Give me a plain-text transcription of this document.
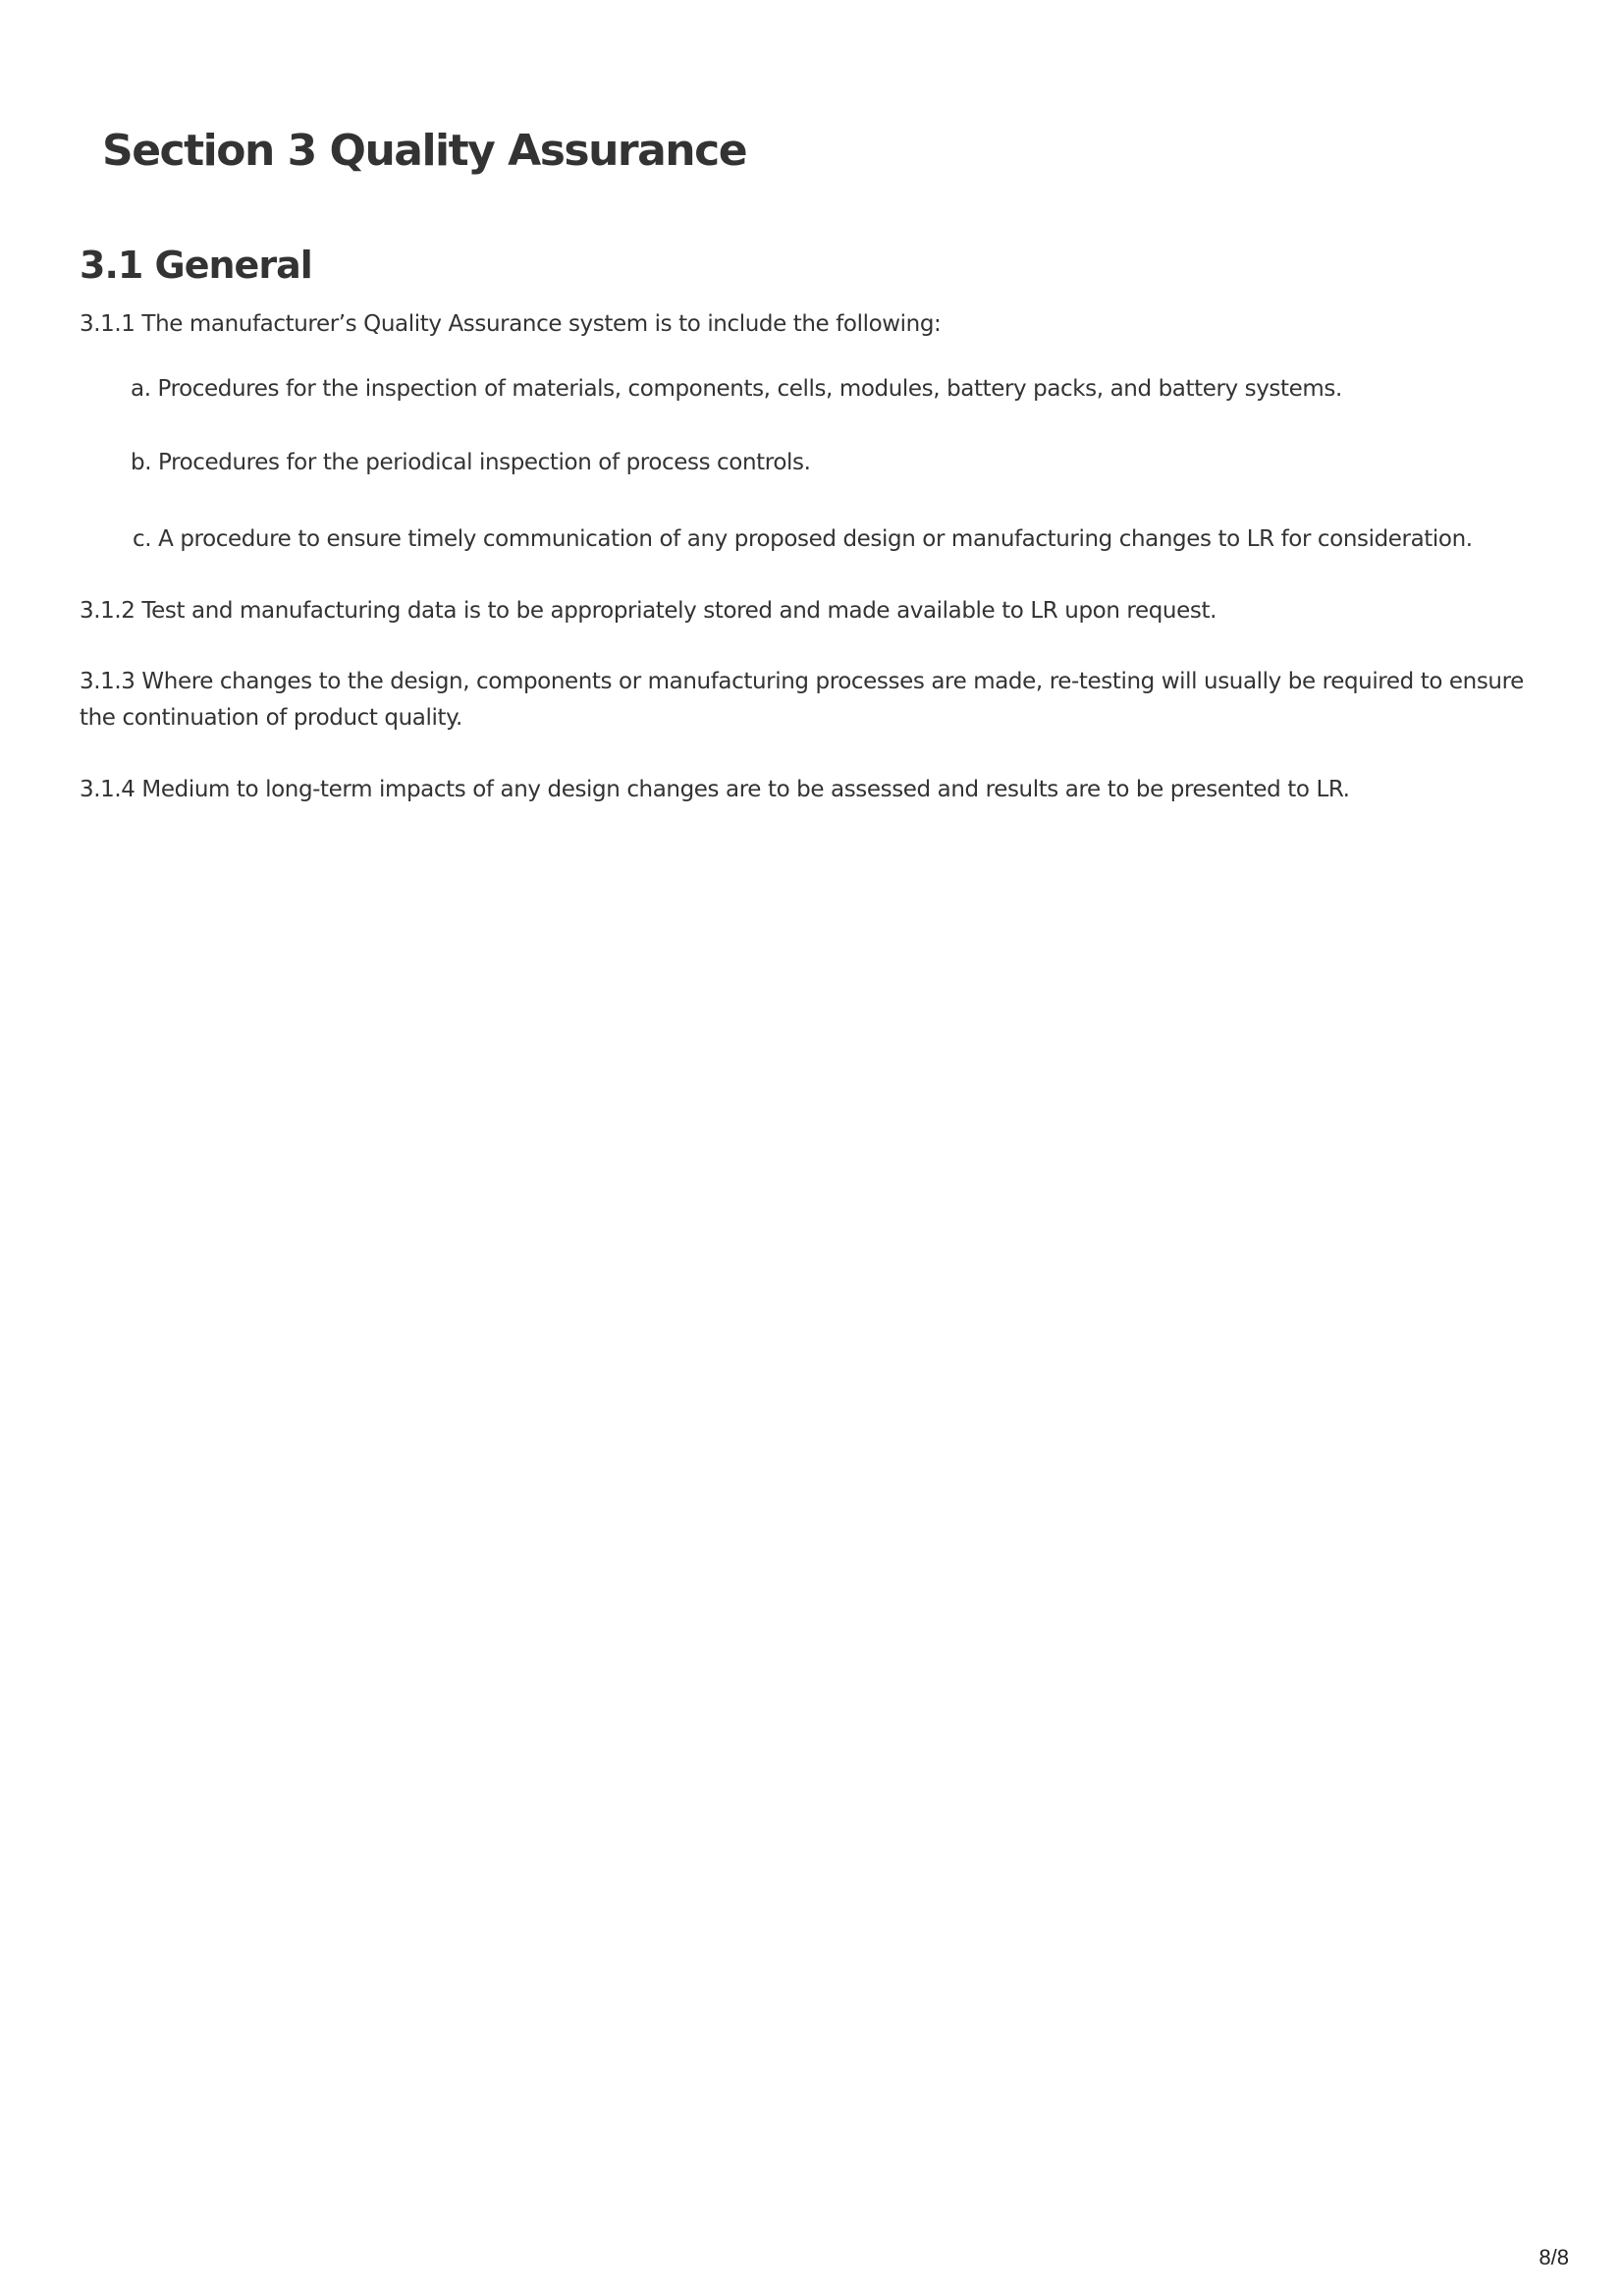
Section 3 Quality Assurance
3.1 General

3.1.1 The manufacturer’s Quality Assurance system is to include the following:

a. Procedures for the inspection of materials, components, cells, modules, battery packs, and battery systems.

b. Procedures for the periodical inspection of process controls.

c. A procedure to ensure timely communication of any proposed design or manufacturing changes to LR for consideration.

3.1.2 Test and manufacturing data is to be appropriately stored and made available to LR upon request.

3.1.3 Where changes to the design, components or manufacturing processes are made, re-testing will usually be required to ensure the continuation of product quality.

3.1.4 Medium to long-term impacts of any design changes are to be assessed and results are to be presented to LR.

8/8
